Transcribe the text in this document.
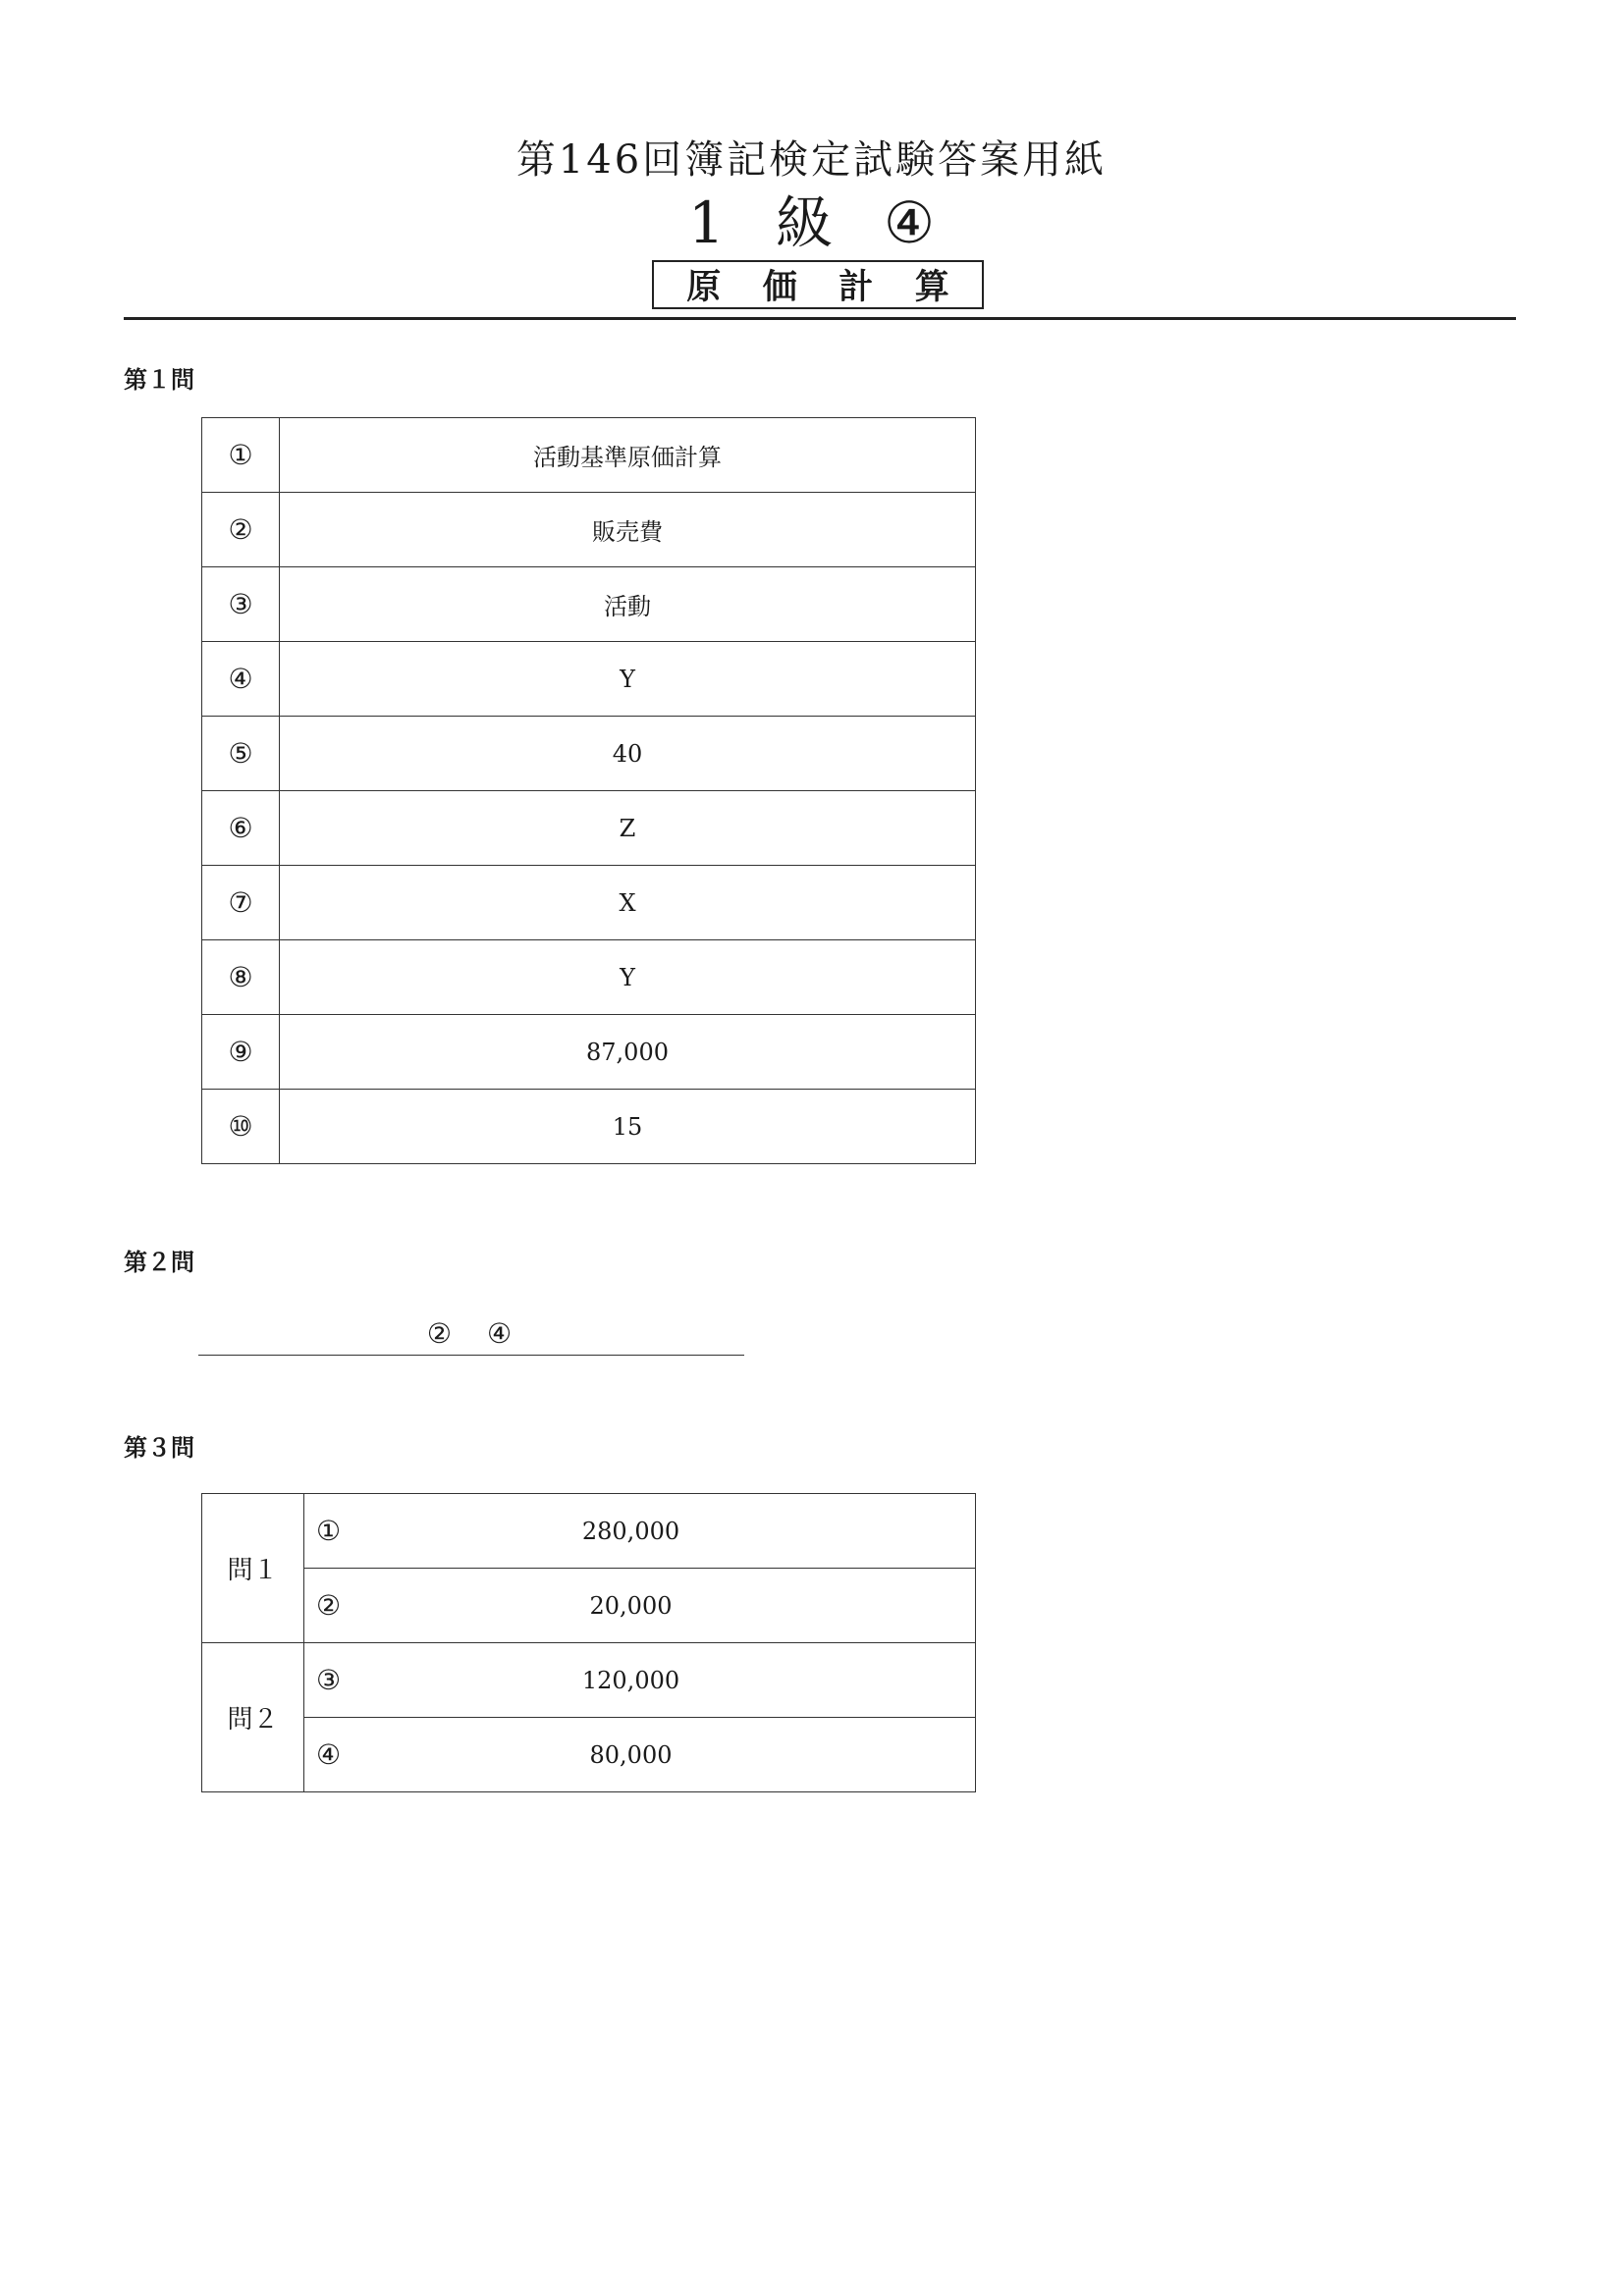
第146回簿記検定試験答案用紙
1 級 ④
原 価 計 算
第１問
①	活動基準原価計算
②	販売費
③	活動
④	Y
⑤	40
⑥	Z
⑦	X
⑧	Y
⑨	87,000
⑩	15
第２問
②　④
第３問
問１	①	280,000
	②	20,000
問２	③	120,000
	④	80,000
